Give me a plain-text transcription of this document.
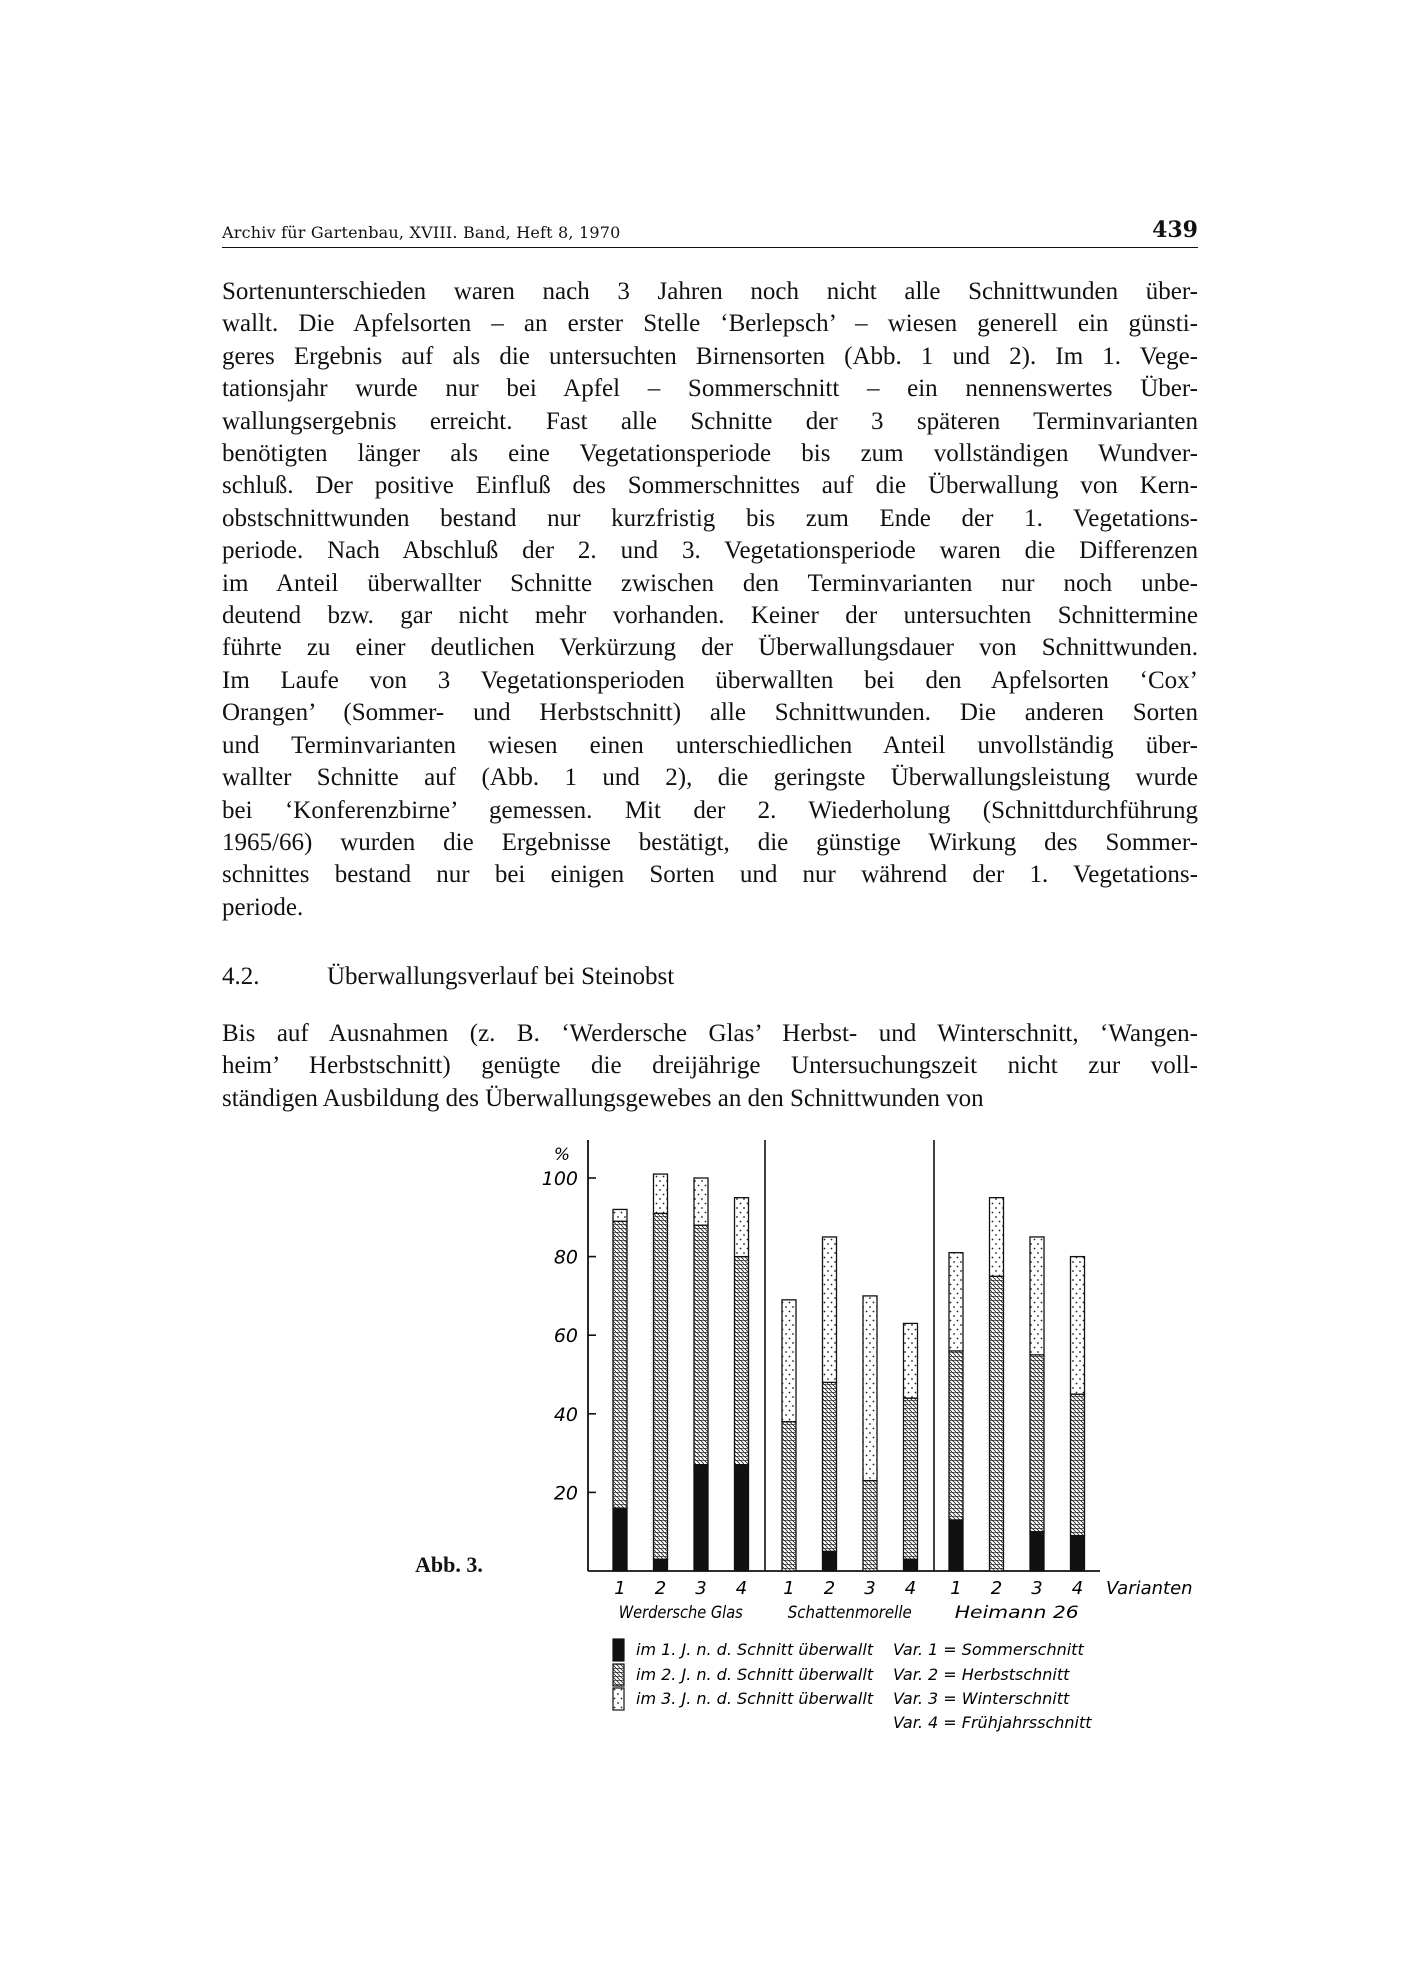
Archiv für Gartenbau, XVIII. Band, Heft 8, 1970	439

Sortenunterschieden waren nach 3 Jahren noch nicht alle Schnittwunden über-
wallt. Die Apfelsorten – an erster Stelle ‘Berlepsch’ – wiesen generell ein günsti-
geres Ergebnis auf als die untersuchten Birnensorten (Abb. 1 und 2). Im 1. Vege-
tationsjahr wurde nur bei Apfel – Sommerschnitt – ein nennenswertes Über-
wallungsergebnis erreicht. Fast alle Schnitte der 3 späteren Terminvarianten
benötigten länger als eine Vegetationsperiode bis zum vollständigen Wundver-
schluß. Der positive Einfluß des Sommerschnittes auf die Überwallung von Kern-
obstschnittwunden bestand nur kurzfristig bis zum Ende der 1. Vegetations-
periode. Nach Abschluß der 2. und 3. Vegetationsperiode waren die Differenzen
im Anteil überwallter Schnitte zwischen den Terminvarianten nur noch unbe-
deutend bzw. gar nicht mehr vorhanden. Keiner der untersuchten Schnittermine
führte zu einer deutlichen Verkürzung der Überwallungsdauer von Schnittwunden.
Im Laufe von 3 Vegetationsperioden überwallten bei den Apfelsorten ‘Cox’
Orangen’ (Sommer- und Herbstschnitt) alle Schnittwunden. Die anderen Sorten
und Terminvarianten wiesen einen unterschiedlichen Anteil unvollständig über-
wallter Schnitte auf (Abb. 1 und 2), die geringste Überwallungsleistung wurde
bei ‘Konferenzbirne’ gemessen. Mit der 2. Wiederholung (Schnittdurchführung
1965/66) wurden die Ergebnisse bestätigt, die günstige Wirkung des Sommer-
schnittes bestand nur bei einigen Sorten und nur während der 1. Vegetations-
periode.

4.2.	Überwallungsverlauf bei Steinobst

Bis auf Ausnahmen (z. B. ‘Werdersche Glas’ Herbst- und Winterschnitt, ‘Wangen-
heim’ Herbstschnitt) genügte die dreijährige Untersuchungszeit nicht zur voll-
ständigen Ausbildung des Überwallungsgewebes an den Schnittwunden von

Abb. 3.
%
20
40
60
80
100
1 2 3 4
Werdersche Glas
1 2 3 4
Schattenmorelle
1 2 3 4
Heimann 26
Varianten
im 1. J. n. d. Schnitt überwallt
im 2. J. n. d. Schnitt überwallt
im 3. J. n. d. Schnitt überwallt
Var. 1 = Sommerschnitt
Var. 2 = Herbstschnitt
Var. 3 = Winterschnitt
Var. 4 = Frühjahrsschnitt
